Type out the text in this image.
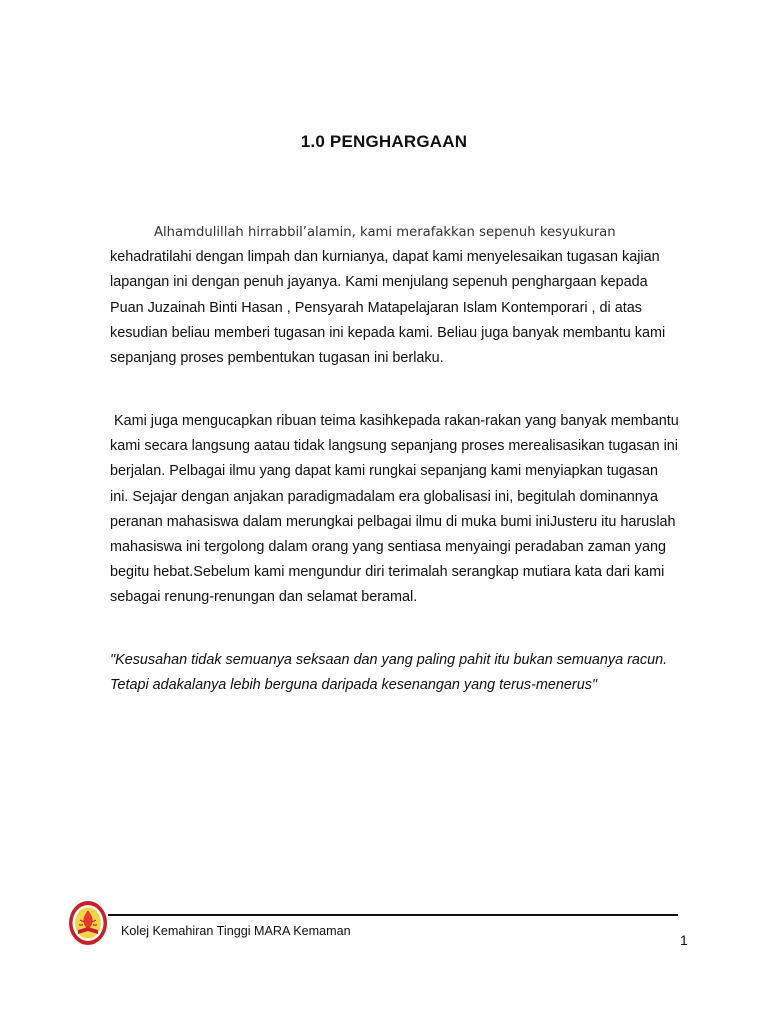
1.0 PENGHARGAAN

Alhamdulillah hirrabbil’alamin, kami merafakkan sepenuh kesyukuran
kehadratilahi dengan limpah dan kurnianya, dapat kami menyelesaikan tugasan kajian lapangan ini dengan penuh jayanya. Kami menjulang sepenuh penghargaan kepada Puan Juzainah Binti Hasan , Pensyarah Matapelajaran Islam Kontemporari , di atas kesudian beliau memberi tugasan ini kepada kami. Beliau juga banyak membantu kami sepanjang proses pembentukan tugasan ini berlaku.

Kami juga mengucapkan ribuan teima kasihkepada rakan-rakan yang banyak membantu kami secara langsung aatau tidak langsung sepanjang proses merealisasikan tugasan ini berjalan. Pelbagai ilmu yang dapat kami rungkai sepanjang kami menyiapkan tugasan ini. Sejajar dengan anjakan paradigmadalam era globalisasi ini, begitulah dominannya peranan mahasiswa dalam merungkai pelbagai ilmu di muka bumi iniJusteru itu haruslah mahasiswa ini tergolong dalam orang yang sentiasa menyaingi peradaban zaman yang begitu hebat.Sebelum kami mengundur diri terimalah serangkap mutiara kata dari kami sebagai renung-renungan dan selamat beramal.

"Kesusahan tidak semuanya seksaan dan yang paling pahit itu bukan semuanya racun. Tetapi adakalanya lebih berguna daripada kesenangan yang terus-menerus"

Kolej Kemahiran Tinggi MARA Kemaman

1
